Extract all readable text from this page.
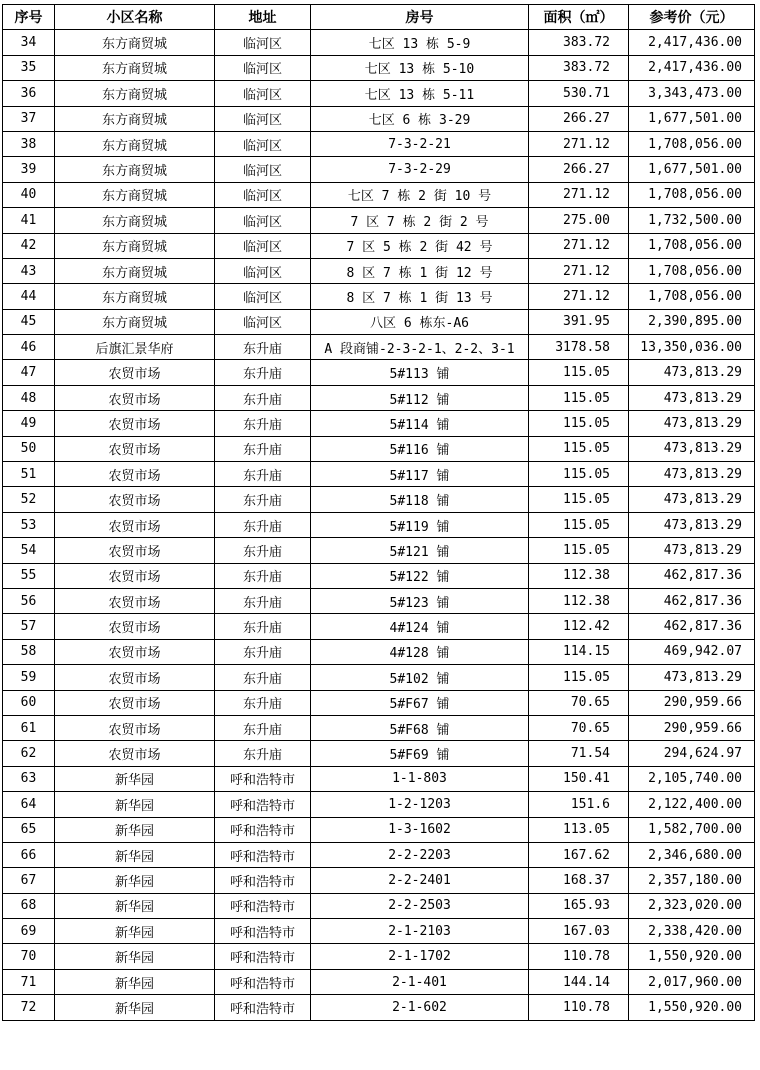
序号	小区名称	地址	房号	面积（㎡）	参考价（元）
34	东方商贸城	临河区	七区 13 栋 5-9	383.72	2,417,436.00
35	东方商贸城	临河区	七区 13 栋 5-10	383.72	2,417,436.00
36	东方商贸城	临河区	七区 13 栋 5-11	530.71	3,343,473.00
37	东方商贸城	临河区	七区 6 栋 3-29	266.27	1,677,501.00
38	东方商贸城	临河区	7-3-2-21	271.12	1,708,056.00
39	东方商贸城	临河区	7-3-2-29	266.27	1,677,501.00
40	东方商贸城	临河区	七区 7 栋 2 街 10 号	271.12	1,708,056.00
41	东方商贸城	临河区	7 区 7 栋 2 街 2 号	275.00	1,732,500.00
42	东方商贸城	临河区	7 区 5 栋 2 街 42 号	271.12	1,708,056.00
43	东方商贸城	临河区	8 区 7 栋 1 街 12 号	271.12	1,708,056.00
44	东方商贸城	临河区	8 区 7 栋 1 街 13 号	271.12	1,708,056.00
45	东方商贸城	临河区	八区 6 栋东-A6	391.95	2,390,895.00
46	后旗汇景华府	东升庙	A 段商铺-2-3-2-1、2-2、3-1	3178.58	13,350,036.00
47	农贸市场	东升庙	5#113 铺	115.05	473,813.29
48	农贸市场	东升庙	5#112 铺	115.05	473,813.29
49	农贸市场	东升庙	5#114 铺	115.05	473,813.29
50	农贸市场	东升庙	5#116 铺	115.05	473,813.29
51	农贸市场	东升庙	5#117 铺	115.05	473,813.29
52	农贸市场	东升庙	5#118 铺	115.05	473,813.29
53	农贸市场	东升庙	5#119 铺	115.05	473,813.29
54	农贸市场	东升庙	5#121 铺	115.05	473,813.29
55	农贸市场	东升庙	5#122 铺	112.38	462,817.36
56	农贸市场	东升庙	5#123 铺	112.38	462,817.36
57	农贸市场	东升庙	4#124 铺	112.42	462,817.36
58	农贸市场	东升庙	4#128 铺	114.15	469,942.07
59	农贸市场	东升庙	5#102 铺	115.05	473,813.29
60	农贸市场	东升庙	5#F67 铺	70.65	290,959.66
61	农贸市场	东升庙	5#F68 铺	70.65	290,959.66
62	农贸市场	东升庙	5#F69 铺	71.54	294,624.97
63	新华园	呼和浩特市	1-1-803	150.41	2,105,740.00
64	新华园	呼和浩特市	1-2-1203	151.6	2,122,400.00
65	新华园	呼和浩特市	1-3-1602	113.05	1,582,700.00
66	新华园	呼和浩特市	2-2-2203	167.62	2,346,680.00
67	新华园	呼和浩特市	2-2-2401	168.37	2,357,180.00
68	新华园	呼和浩特市	2-2-2503	165.93	2,323,020.00
69	新华园	呼和浩特市	2-1-2103	167.03	2,338,420.00
70	新华园	呼和浩特市	2-1-1702	110.78	1,550,920.00
71	新华园	呼和浩特市	2-1-401	144.14	2,017,960.00
72	新华园	呼和浩特市	2-1-602	110.78	1,550,920.00
